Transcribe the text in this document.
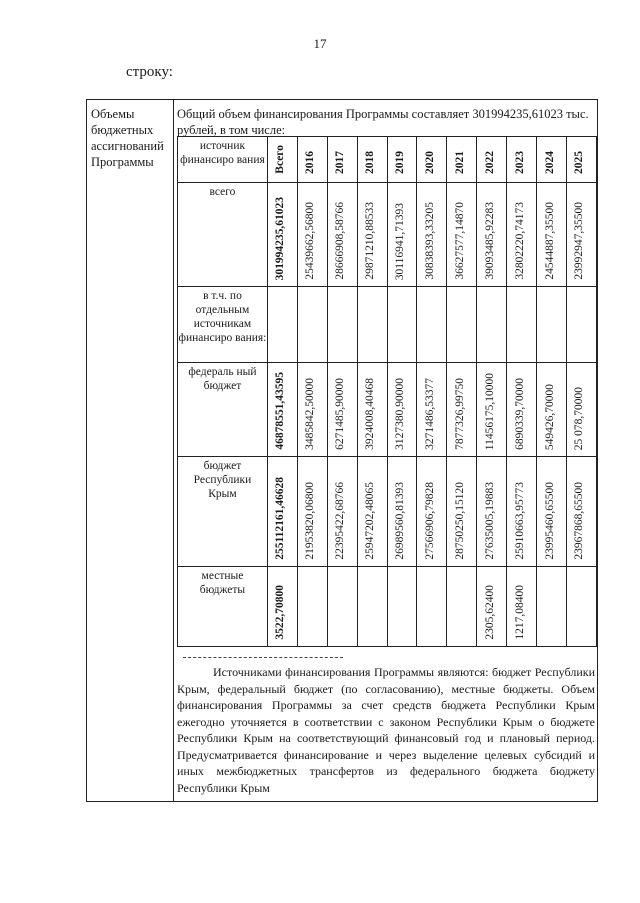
17
строку:
Объемы бюджетных ассигнований Программы
Общий объем финансирования Программы составляет 301994235,61023 тыс. рублей, в том числе:
источник финансиро вания	Всего	2016	2017	2018	2019	2020	2021	2022	2023	2024	2025

всего	301994235,61023	25439662,56800	28666908,58766	29871210,88533	30116941,71393	30838393,33205	36627577,14870	39093485,92283	32802220,74173	24544887,35500	23992947,35500

в т.ч. по отдельным источникам финансиро вания:											
федераль ный бюджет	46878551,43595	3485842,50000	6271485,90000	3924008,40468	3127380,90000	3271486,53377	7877326,99750	11456175,10000	6890339,70000	549426,70000	25 078,70000

бюджет Республики Крым	255112161,46628	21953820,06800	22395422,68766	25947202,48065	26989560,81393	27566906,79828	28750250,15120	27635005,19883	25910663,95773	23995460,65500	23967868,65500

местные бюджеты	3522,70800							2305,62400	1217,08400		

Источниками финансирования Программы являются: бюджет Республики Крым, федеральный бюджет (по согласованию), местные бюджеты. Объем финансирования Программы за счет средств бюджета Республики Крым ежегодно уточняется в соответствии с законом Республики Крым о бюджете Республики Крым на соответствующий финансовый год и плановый период. Предусматривается финансирование и через выделение целевых субсидий и иных межбюджетных трансфертов из федерального бюджета бюджету Республики Крым
